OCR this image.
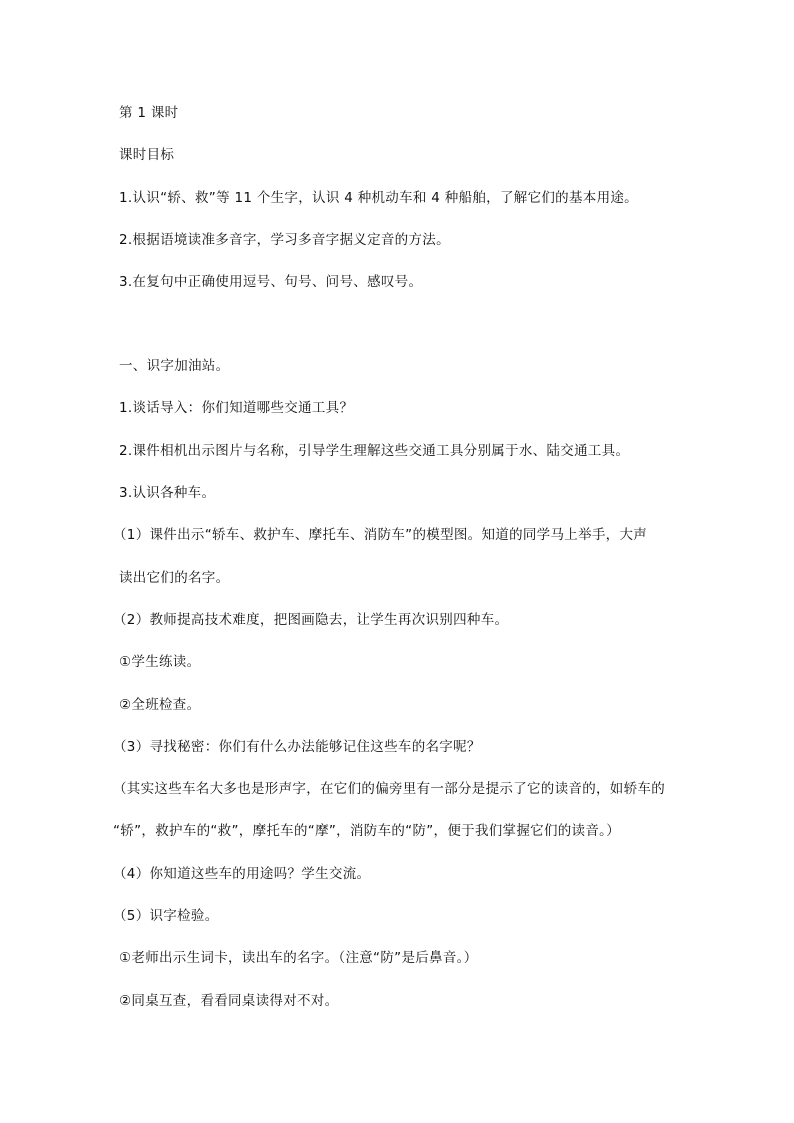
第 1 课时
课时目标
1.认识“轿、救”等 11 个生字，认识 4 种机动车和 4 种船舶，了解它们的基本用途。
2.根据语境读准多音字，学习多音字据义定音的方法。
3.在复句中正确使用逗号、句号、问号、感叹号。
一、识字加油站。
1.谈话导入：你们知道哪些交通工具？
2.课件相机出示图片与名称，引导学生理解这些交通工具分别属于水、陆交通工具。
3.认识各种车。
（1）课件出示“轿车、救护车、摩托车、消防车”的模型图。知道的同学马上举手，大声
读出它们的名字。
（2）教师提高技术难度，把图画隐去，让学生再次识别四种车。
①学生练读。
②全班检查。
（3）寻找秘密：你们有什么办法能够记住这些车的名字呢？
（其实这些车名大多也是形声字，在它们的偏旁里有一部分是提示了它的读音的，如轿车的
“轿”，救护车的“救”，摩托车的“摩”，消防车的“防”，便于我们掌握它们的读音。）
（4）你知道这些车的用途吗？学生交流。
（5）识字检验。
①老师出示生词卡，读出车的名字。（注意“防”是后鼻音。）
②同桌互查，看看同桌读得对不对。
